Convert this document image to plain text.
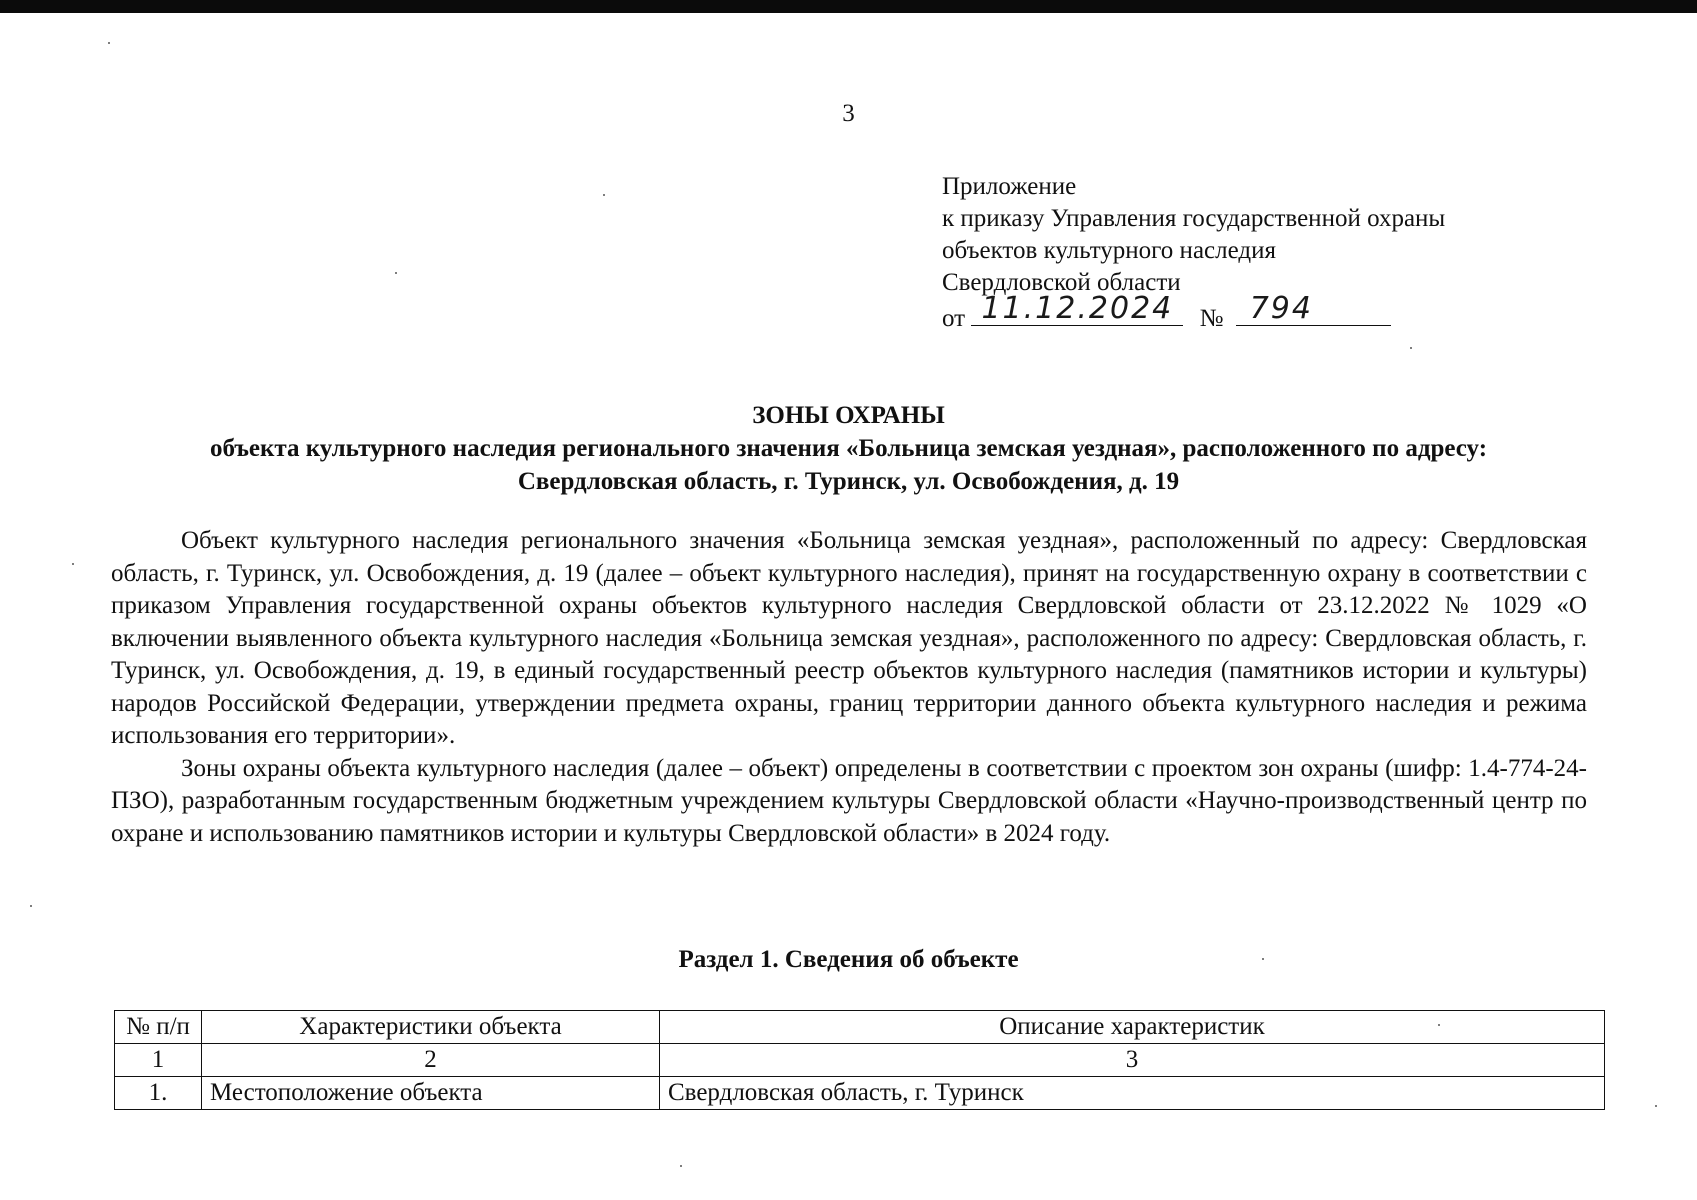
3
Приложение
к приказу Управления государственной охраны
объектов культурного наследия
Свердловской области
от 11.12.2024	№ 794
ЗОНЫ ОХРАНЫ
объекта культурного наследия регионального значения «Больница земская уездная», расположенного по адресу:
Свердловская область, г. Туринск, ул. Освобождения, д. 19

Объект культурного наследия регионального значения «Больница земская уездная», расположенный по адресу: Свердловская область, г. Туринск, ул. Освобождения, д. 19 (далее – объект культурного наследия), принят на государственную охрану в соответствии с приказом Управления государственной охраны объектов культурного наследия Свердловской области от 23.12.2022 № 1029 «О включении выявленного объекта культурного наследия «Больница земская уездная», расположенного по адресу: Свердловская область, г. Туринск, ул. Освобождения, д. 19, в единый государственный реестр объектов культурного наследия (памятников истории и культуры) народов Российской Федерации, утверждении предмета охраны, границ территории данного объекта культурного наследия и режима использования его территории».

Зоны охраны объекта культурного наследия (далее – объект) определены в соответствии с проектом зон охраны (шифр: 1.4-774-24-ПЗО), разработанным государственным бюджетным учреждением культуры Свердловской области «Научно-производственный центр по охране и использованию памятников истории и культуры Свердловской области» в 2024 году.

Раздел 1. Сведения об объекте
№ п/п	Характеристики объекта	Описание характеристик
1	2	3
1.	Местоположение объекта	Свердловская область, г. Туринск
